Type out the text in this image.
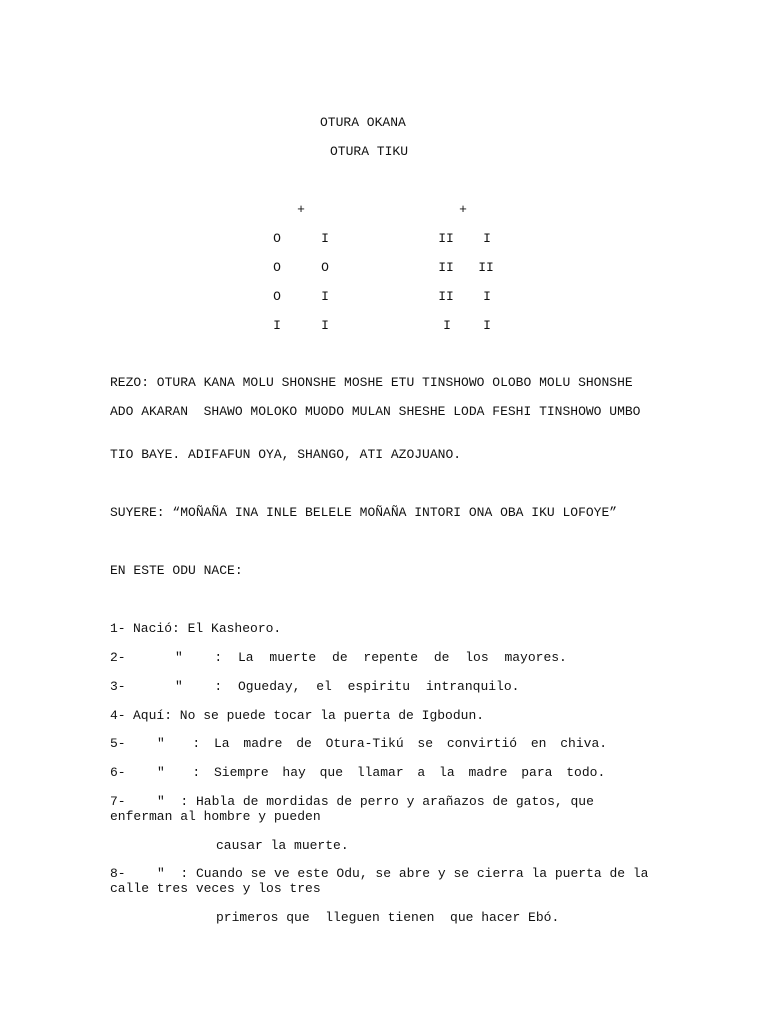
OTURA OKANA
OTURA TIKU
+	+
O	I	II I
O	O	II II
O	I	II I
I	I	I I
REZO: OTURA KANA MOLU SHONSHE MOSHE ETU TINSHOWO OLOBO MOLU SHONSHE
ADO AKARAN  SHAWO MOLOKO MUODO MULAN SHESHE LODA FESHI TINSHOWO UMBO
TIO BAYE. ADIFAFUN OYA, SHANGO, ATI AZOJUANO.
SUYERE: “MOÑAÑA INA INLE BELELE MOÑAÑA INTORI ONA OBA IKU LOFOYE”
EN ESTE ODU NACE:
1- Nació: El Kasheoro.
2-	"  : La muerte de repente de los mayores.
3-	"  : Ogueday, el espiritu intranquilo.
4- Aquí: No se puede tocar la puerta de Igbodun.
5- "  : La madre de Otura-Tikú se convirtió en chiva.
6- "  : Siempre hay que llamar a la madre para todo.
7-	"  : Habla de mordidas de perro y arañazos de gatos, que enferman al hombre y pueden
causar la muerte.
8-	"  : Cuando se ve este Odu, se abre y se cierra la puerta de la calle tres veces y los tres
primeros que  lleguen tienen  que hacer Ebó.
